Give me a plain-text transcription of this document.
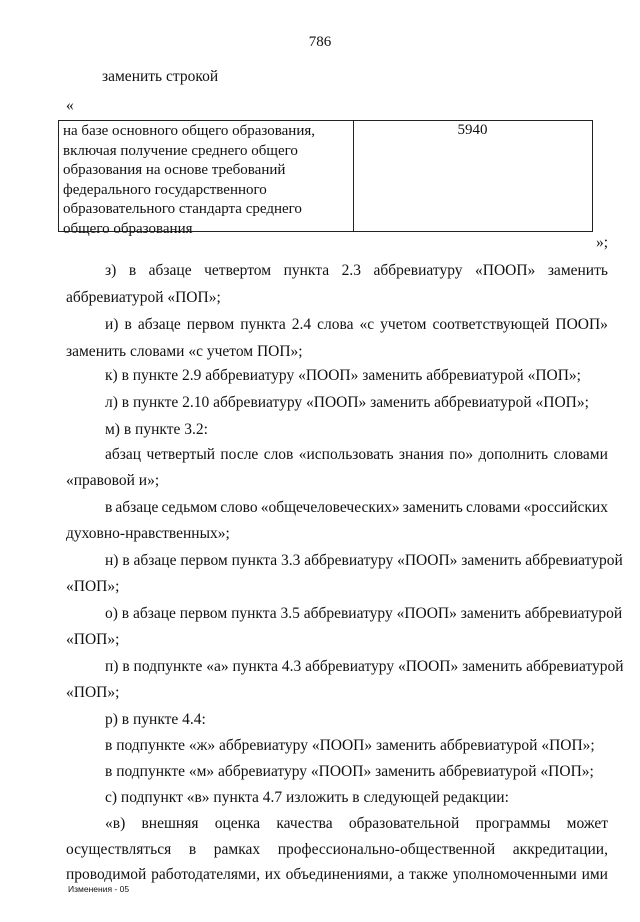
786
заменить строкой
«
на базе основного общего образования,
включая получение среднего общего
образования на основе требований
федерального государственного
образовательного стандарта среднего
общего образования
5940
»;
з) в абзаце четвертом пункта 2.3 аббревиатуру «ПООП» заменить
аббревиатурой «ПОП»;
и) в абзаце первом пункта 2.4 слова «с учетом соответствующей ПООП»
заменить словами «с учетом ПОП»;
к) в пункте 2.9 аббревиатуру «ПООП» заменить аббревиатурой «ПОП»;
л) в пункте 2.10 аббревиатуру «ПООП» заменить аббревиатурой «ПОП»;
м) в пункте 3.2:
абзац четвертый после слов «использовать знания по» дополнить словами
«правовой и»;
в абзаце седьмом слово «общечеловеческих» заменить словами «российских
духовно-нравственных»;
н) в абзаце первом пункта 3.3 аббревиатуру «ПООП» заменить аббревиатурой
«ПОП»;
о) в абзаце первом пункта 3.5 аббревиатуру «ПООП» заменить аббревиатурой
«ПОП»;
п) в подпункте «а» пункта 4.3 аббревиатуру «ПООП» заменить аббревиатурой
«ПОП»;
р) в пункте 4.4:
в подпункте «ж» аббревиатуру «ПООП» заменить аббревиатурой «ПОП»;
в подпункте «м» аббревиатуру «ПООП» заменить аббревиатурой «ПОП»;
с) подпункт «в» пункта 4.7 изложить в следующей редакции:
«в) внешняя оценка качества образовательной программы может
осуществляться в рамках профессионально-общественной аккредитации,
проводимой работодателями, их объединениями, а также уполномоченными ими
Изменения - 05
